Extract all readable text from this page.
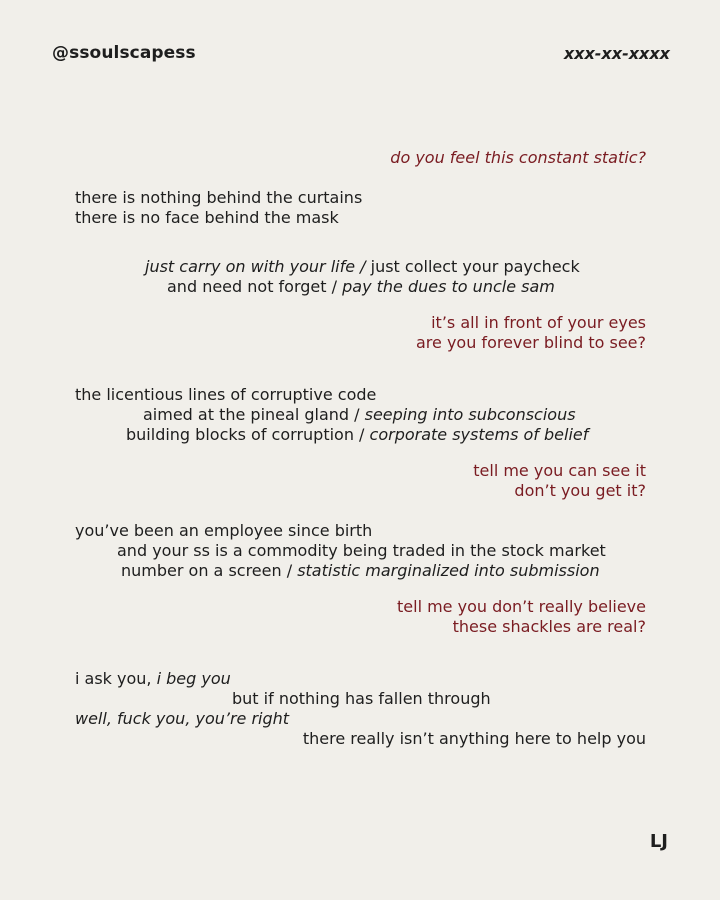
@ssoulscapess	xxx-xx-xxxx
do you feel this constant static?
there is nothing behind the curtains
there is no face behind the mask
just carry on with your life / just collect your paycheck
and need not forget / pay the dues to uncle sam
it’s all in front of your eyes
are you forever blind to see?
the licentious lines of corruptive code
aimed at the pineal gland / seeping into subconscious
building blocks of corruption / corporate systems of belief
tell me you can see it
don’t you get it?
you’ve been an employee since birth
and your ss is a commodity being traded in the stock market
number on a screen / statistic marginalized into submission
tell me you don’t really believe
these shackles are real?
i ask you, i beg you
but if nothing has fallen through
well, fuck you, you’re right
there really isn’t anything here to help you
LJ
